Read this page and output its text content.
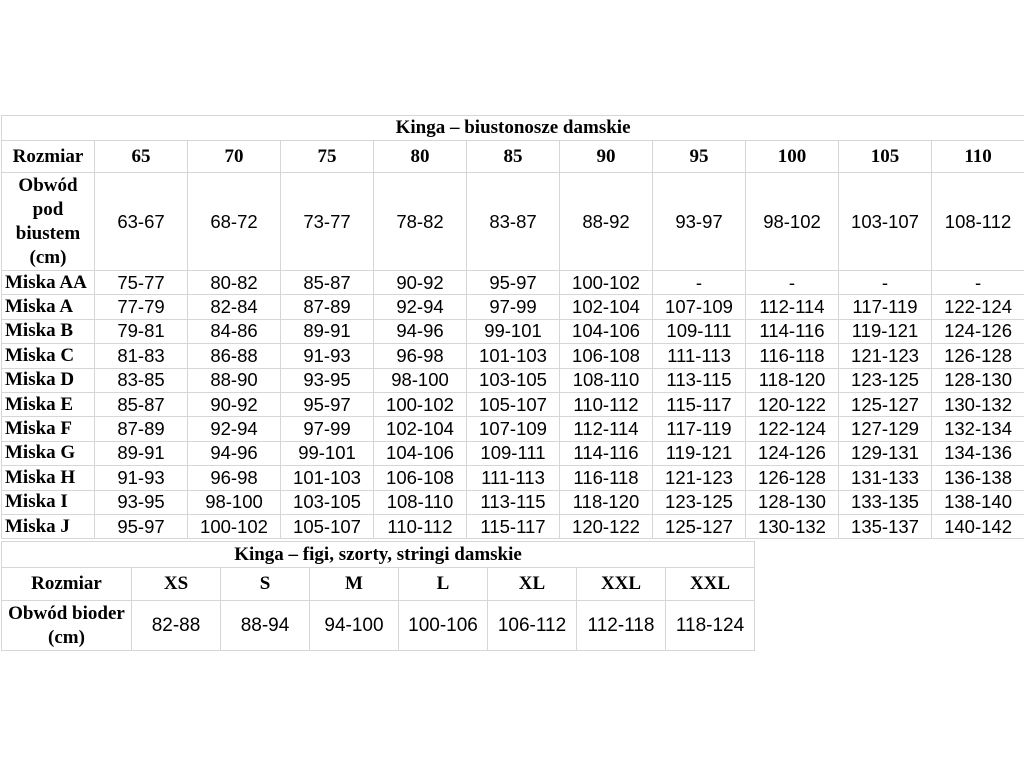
Kinga – biustonosze damskie										
Rozmiar	65	70	75	80	85	90	95	100	105	110
Obwód pod biustem (cm)	63-67	68-72	73-77	78-82	83-87	88-92	93-97	98-102	103-107	108-112
Miska AA	75-77	80-82	85-87	90-92	95-97	100-102	-	-	-	-
Miska A	77-79	82-84	87-89	92-94	97-99	102-104	107-109	112-114	117-119	122-124
Miska B	79-81	84-86	89-91	94-96	99-101	104-106	109-111	114-116	119-121	124-126
Miska C	81-83	86-88	91-93	96-98	101-103	106-108	111-113	116-118	121-123	126-128
Miska D	83-85	88-90	93-95	98-100	103-105	108-110	113-115	118-120	123-125	128-130
Miska E	85-87	90-92	95-97	100-102	105-107	110-112	115-117	120-122	125-127	130-132
Miska F	87-89	92-94	97-99	102-104	107-109	112-114	117-119	122-124	127-129	132-134
Miska G	89-91	94-96	99-101	104-106	109-111	114-116	119-121	124-126	129-131	134-136
Miska H	91-93	96-98	101-103	106-108	111-113	116-118	121-123	126-128	131-133	136-138
Miska I	93-95	98-100	103-105	108-110	113-115	118-120	123-125	128-130	133-135	138-140
Miska J	95-97	100-102	105-107	110-112	115-117	120-122	125-127	130-132	135-137	140-142
Kinga – figi, szorty, stringi damskie							
Rozmiar	XS	S	M	L	XL	XXL	XXL
Obwód bioder (cm)	82-88	88-94	94-100	100-106	106-112	112-118	118-124
